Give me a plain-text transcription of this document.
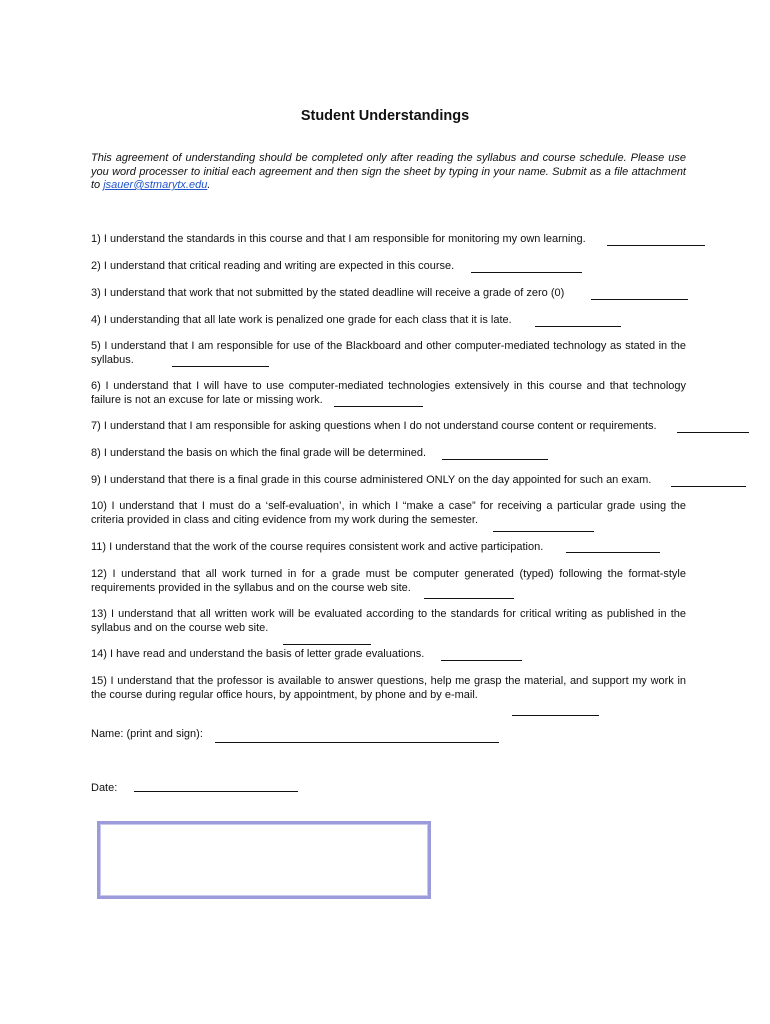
Student Understandings
This agreement of understanding should be completed only after reading the syllabus and course schedule. Please use you word processer to initial each agreement and then sign the sheet by typing in your name. Submit as a file attachment to jsauer@stmarytx.edu.
1) I understand the standards in this course and that I am responsible for monitoring my own learning.
2) I understand that critical reading and writing are expected in this course.
3) I understand that work that not submitted by the stated deadline will receive a grade of zero (0)
4) I understanding that all late work is penalized one grade for each class that it is late.
5) I understand that I am responsible for use of the Blackboard and other computer-mediated technology as stated in the syllabus.
6) I understand that I will have to use computer-mediated technologies extensively in this course and that technology failure is not an excuse for late or missing work.
7) I understand that I am responsible for asking questions when I do not understand course content or requirements.
8) I understand the basis on which the final grade will be determined.
9) I understand that there is a final grade in this course administered ONLY on the day appointed for such an exam.
10) I understand that I must do a ‘self-evaluation’, in which I “make a case” for receiving a particular grade using the criteria provided in class and citing evidence from my work during the semester.
11) I understand that the work of the course requires consistent work and active participation.
12) I understand that all work turned in for a grade must be computer generated (typed) following the format-style requirements provided in the syllabus and on the course web site.
13) I understand that all written work will be evaluated according to the standards for critical writing as published in the syllabus and on the course web site.
14) I have read and understand the basis of letter grade evaluations.
15) I understand that the professor is available to answer questions, help me grasp the material, and support my work in the course during regular office hours, by appointment, by phone and by e-mail.
Name: (print and sign):
Date:
